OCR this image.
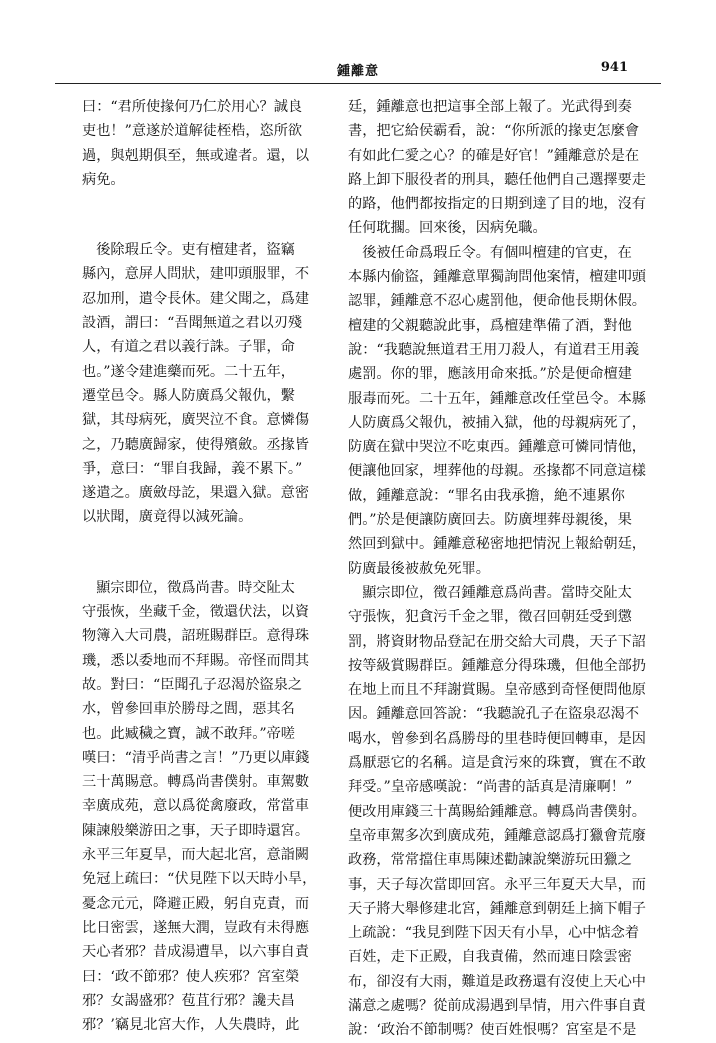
鍾離意	941
曰：“君所使掾何乃仁於用心？誠良
吏也！”意遂於道解徒桎梏，恣所欲
過，與剋期俱至，無或違者。還，以
病免。
　後除瑕丘令。吏有檀建者，盜竊
縣內，意屏人問狀，建叩頭服罪，不
忍加刑，遣令長休。建父聞之，爲建
設酒，謂曰：“吾聞無道之君以刃殘
人，有道之君以義行誅。子罪，命
也。”遂令建進藥而死。二十五年，
遷堂邑令。縣人防廣爲父報仇，繫
獄，其母病死，廣哭泣不食。意憐傷
之，乃聽廣歸家，使得殯斂。丞掾皆
爭，意曰：“罪自我歸，義不累下。”
遂遣之。廣斂母訖，果還入獄。意密
以狀聞，廣竟得以減死論。
　顯宗即位，徵爲尚書。時交阯太
守張恢，坐藏千金，徵還伏法，以資
物簿入大司農，詔班賜群臣。意得珠
璣，悉以委地而不拜賜。帝怪而問其
故。對曰：“臣聞孔子忍渴於盜泉之
水，曾參回車於勝母之閭，惡其名
也。此臧穢之寶，誠不敢拜。”帝嗟
嘆曰：“清乎尚書之言！”乃更以庫錢
三十萬賜意。轉爲尚書僕射。車駕數
幸廣成苑，意以爲從禽廢政，常當車
陳諫般樂游田之事，天子即時還宮。
永平三年夏旱，而大起北宮，意詣闕
免冠上疏曰：“伏見陛下以天時小旱，
憂念元元，降避正殿，躬自克責，而
比日密雲，遂無大潤，豈政有未得應
天心者邪？昔成湯遭旱，以六事自責
曰：‘政不節邪？使人疾邪？宮室榮
邪？女謁盛邪？苞苴行邪？讒夫昌
邪？’竊見北宮大作，人失農時，此
廷，鍾離意也把這事全部上報了。光武得到奏
書，把它給侯霸看，說：“你所派的掾吏怎麼會
有如此仁愛之心？的確是好官！”鍾離意於是在
路上卸下服役者的刑具，聽任他們自己選擇要走
的路，他們都按指定的日期到達了目的地，沒有
任何耽擱。回來後，因病免職。
　後被任命爲瑕丘令。有個叫檀建的官吏，在
本縣内偷盜，鍾離意單獨詢問他案情，檀建叩頭
認罪，鍾離意不忍心處罰他，便命他長期休假。
檀建的父親聽說此事，爲檀建準備了酒，對他
說：“我聽說無道君王用刀殺人，有道君王用義
處罰。你的罪，應該用命來抵。”於是便命檀建
服毒而死。二十五年，鍾離意改任堂邑令。本縣
人防廣爲父報仇，被捕入獄，他的母親病死了，
防廣在獄中哭泣不吃東西。鍾離意可憐同情他，
便讓他回家，埋葬他的母親。丞掾都不同意這樣
做，鍾離意說：“罪名由我承擔，絶不連累你
們。”於是便讓防廣回去。防廣埋葬母親後，果
然回到獄中。鍾離意秘密地把情況上報給朝廷，
防廣最後被赦免死罪。
　顯宗即位，徵召鍾離意爲尚書。當時交阯太
守張恢，犯貪污千金之罪，徵召回朝廷受到懲
罰，將資財物品登記在册交給大司農，天子下詔
按等級賞賜群臣。鍾離意分得珠璣，但他全部扔
在地上而且不拜謝賞賜。皇帝感到奇怪便問他原
因。鍾離意回答說：“我聽說孔子在盜泉忍渴不
喝水，曾參到名爲勝母的里巷時便回轉車，是因
爲厭惡它的名稱。這是貪污來的珠寶，實在不敢
拜受。”皇帝感嘆說：“尚書的話真是清廉啊！”
便改用庫錢三十萬賜給鍾離意。轉爲尚書僕射。
皇帝車駕多次到廣成苑，鍾離意認爲打獵會荒廢
政務，常常擋住車馬陳述勸諫說樂游玩田獵之
事，天子每次當即回宮。永平三年夏天大旱，而
天子將大舉修建北宮，鍾離意到朝廷上摘下帽子
上疏說：“我見到陛下因天有小旱，心中惦念着
百姓，走下正殿，自我責備，然而連日陰雲密
布，卻沒有大雨，難道是政務還有沒使上天心中
滿意之處嗎？從前成湯遇到旱情，用六件事自責
說：‘政治不節制嗎？使百姓恨嗎？宮室是不是
